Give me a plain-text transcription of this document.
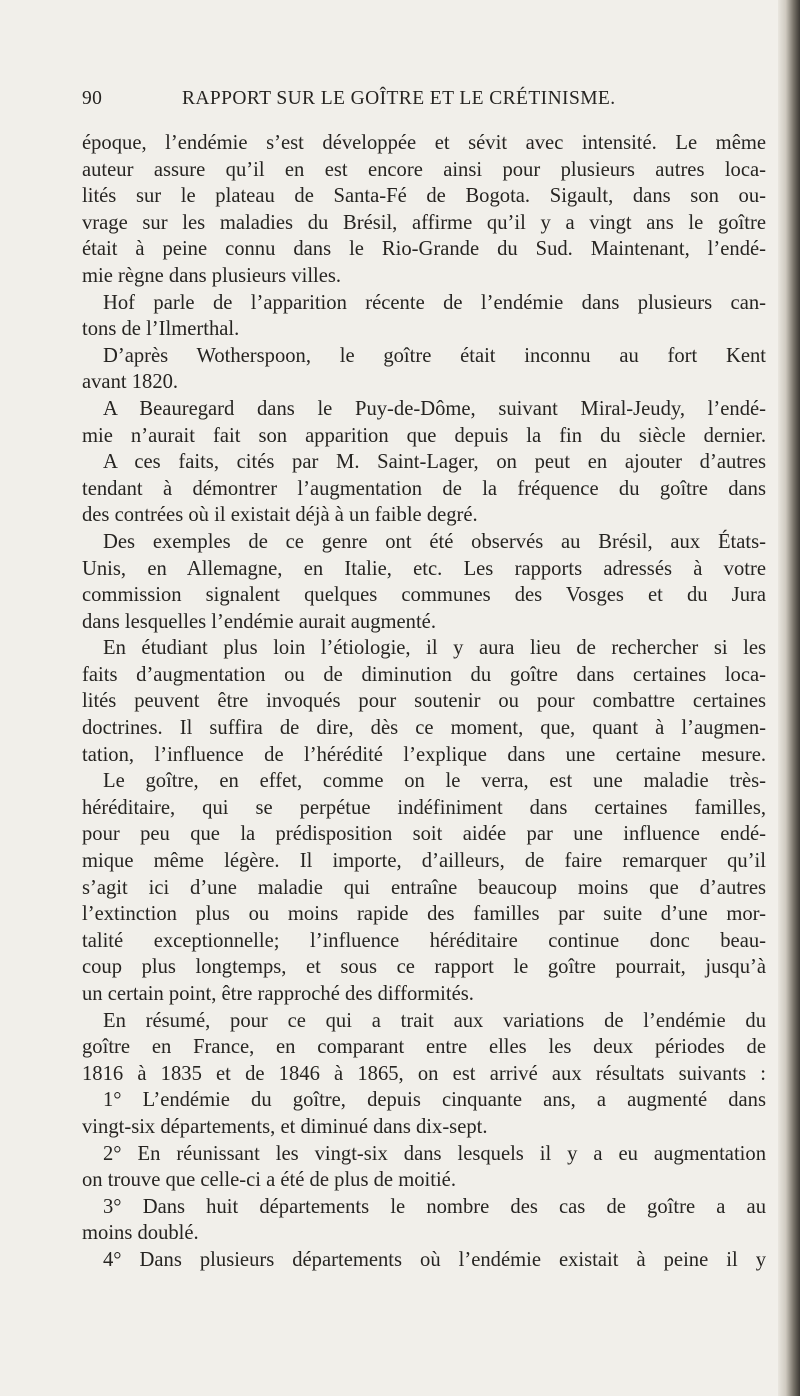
90	RAPPORT SUR LE GOÎTRE ET LE CRÉTINISME.
époque, l’endémie s’est développée et sévit avec intensité. Le même
auteur assure qu’il en est encore ainsi pour plusieurs autres loca-
lités sur le plateau de Santa-Fé de Bogota. Sigault, dans son ou-
vrage sur les maladies du Brésil, affirme qu’il y a vingt ans le goître
était à peine connu dans le Rio-Grande du Sud. Maintenant, l’endé-
mie règne dans plusieurs villes.
Hof parle de l’apparition récente de l’endémie dans plusieurs can-
tons de l’Ilmerthal.
D’après Wotherspoon, le goître était inconnu au fort Kent
avant 1820.
A Beauregard dans le Puy-de-Dôme, suivant Miral-Jeudy, l’endé-
mie n’aurait fait son apparition que depuis la fin du siècle dernier.
A ces faits, cités par M. Saint-Lager, on peut en ajouter d’autres
tendant à démontrer l’augmentation de la fréquence du goître dans
des contrées où il existait déjà à un faible degré.
Des exemples de ce genre ont été observés au Brésil, aux États-
Unis, en Allemagne, en Italie, etc. Les rapports adressés à votre
commission signalent quelques communes des Vosges et du Jura
dans lesquelles l’endémie aurait augmenté.
En étudiant plus loin l’étiologie, il y aura lieu de rechercher si les
faits d’augmentation ou de diminution du goître dans certaines loca-
lités peuvent être invoqués pour soutenir ou pour combattre certaines
doctrines. Il suffira de dire, dès ce moment, que, quant à l’augmen-
tation, l’influence de l’hérédité l’explique dans une certaine mesure.
Le goître, en effet, comme on le verra, est une maladie très-
héréditaire, qui se perpétue indéfiniment dans certaines familles,
pour peu que la prédisposition soit aidée par une influence endé-
mique même légère. Il importe, d’ailleurs, de faire remarquer qu’il
s’agit ici d’une maladie qui entraîne beaucoup moins que d’autres
l’extinction plus ou moins rapide des familles par suite d’une mor-
talité exceptionnelle; l’influence héréditaire continue donc beau-
coup plus longtemps, et sous ce rapport le goître pourrait, jusqu’à
un certain point, être rapproché des difformités.
En résumé, pour ce qui a trait aux variations de l’endémie du
goître en France, en comparant entre elles les deux périodes de
1816 à 1835 et de 1846 à 1865, on est arrivé aux résultats suivants :
1° L’endémie du goître, depuis cinquante ans, a augmenté dans
vingt-six départements, et diminué dans dix-sept.
2° En réunissant les vingt-six dans lesquels il y a eu augmentation
on trouve que celle-ci a été de plus de moitié.
3° Dans huit départements le nombre des cas de goître a au
moins doublé.
4° Dans plusieurs départements où l’endémie existait à peine il y
